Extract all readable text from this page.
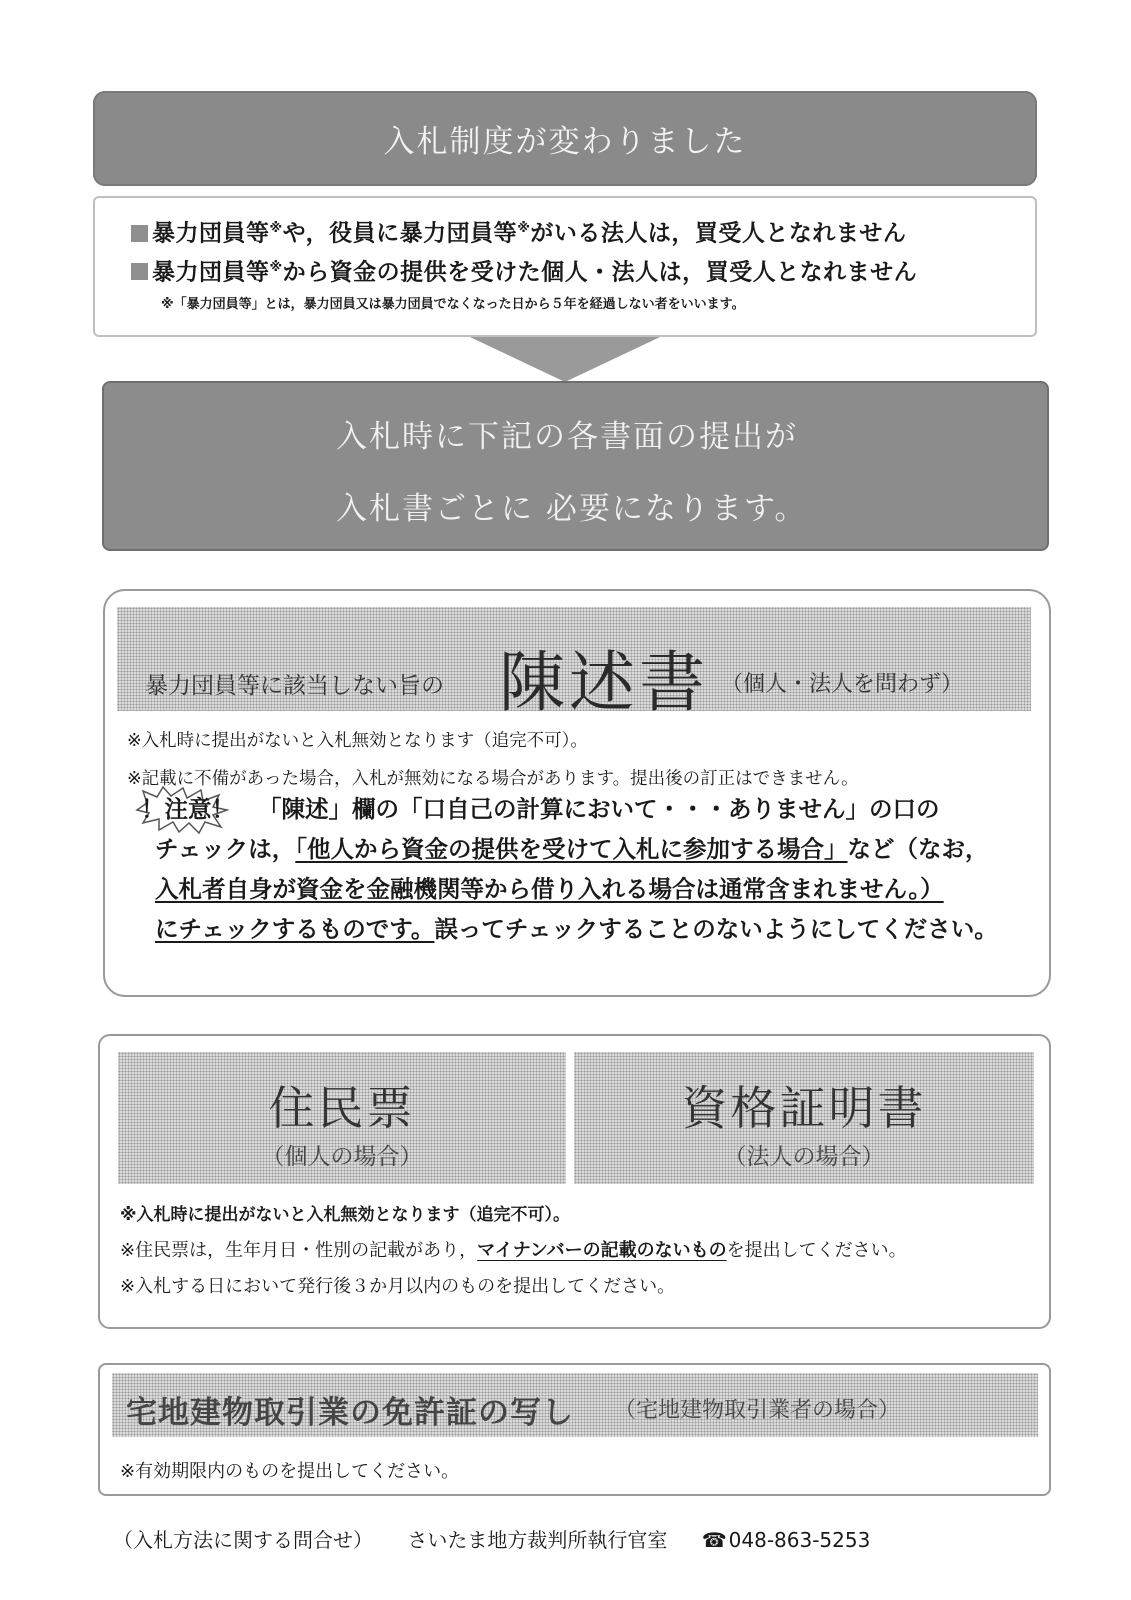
入札制度が変わりました
暴力団員等※や，役員に暴力団員等※がいる法人は，買受人となれません
暴力団員等※から資金の提供を受けた個人・法人は，買受人となれません
※「暴力団員等」とは，暴力団員又は暴力団員でなくなった日から５年を経過しない者をいいます。
入札時に下記の各書面の提出が
入札書ごとに 必要になります。
暴力団員等に該当しない旨の 陳述書 （個人・法人を問わず）
※入札時に提出がないと入札無効となります（追完不可）。
※記載に不備があった場合，入札が無効になる場合があります。提出後の訂正はできません。
！注意！ 「陳述」欄の「口自己の計算において・・・ありません」の口の
チェックは，「他人から資金の提供を受けて入札に参加する場合」など（なお，
入札者自身が資金を金融機関等から借り入れる場合は通常含まれません。）
にチェックするものです。誤ってチェックすることのないようにしてください。
住民票
（個人の場合）
資格証明書
（法人の場合）
※入札時に提出がないと入札無効となります（追完不可）。
※住民票は，生年月日・性別の記載があり，マイナンバーの記載のないものを提出してください。
※入札する日において発行後３か月以内のものを提出してください。
宅地建物取引業の免許証の写し （宅地建物取引業者の場合）
※有効期限内のものを提出してください。
（入札方法に関する問合せ） さいたま地方裁判所執行官室 ☎ 048-863-5253
